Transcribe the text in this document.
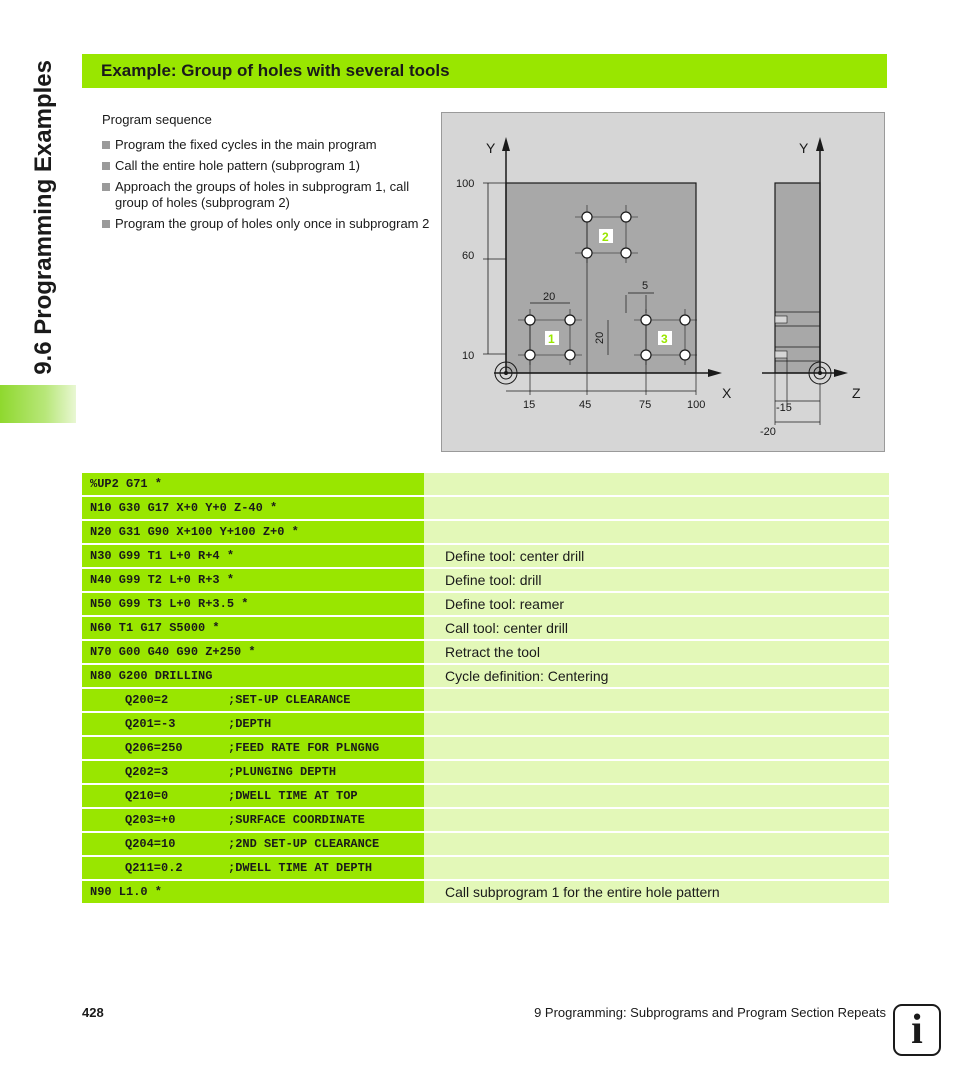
9.6 Programming Examples	Example: Group of holes with several tools
Program sequence
Program the fixed cycles in the main program
Call the entire hole pattern (subprogram 1)
Approach the groups of holes in subprogram 1, call group of holes (subprogram 2)
Program the group of holes only once in subprogram 2
Y
X
100
60
10
15	45	75	100
1
2
3
20
20
5
Y
Z
-15
-20
%UP2 G71 *
N10 G30 G17 X+0 Y+0 Z-40 *
N20 G31 G90 X+100 Y+100 Z+0 *
N30 G99 T1 L+0 R+4 *	Define tool: center drill
N40 G99 T2 L+0 R+3 *	Define tool: drill
N50 G99 T3 L+0 R+3.5 *	Define tool: reamer
N60 T1 G17 S5000 *	Call tool: center drill
N70 G00 G40 G90 Z+250 *	Retract the tool
N80 G200 DRILLING	Cycle definition: Centering
Q200=2	;SET-UP CLEARANCE
Q201=-3	;DEPTH
Q206=250	;FEED RATE FOR PLNGNG
Q202=3	;PLUNGING DEPTH
Q210=0	;DWELL TIME AT TOP
Q203=+0	;SURFACE COORDINATE
Q204=10	;2ND SET-UP CLEARANCE
Q211=0.2	;DWELL TIME AT DEPTH
N90 L1.0 *	Call subprogram 1 for the entire hole pattern
428	9 Programming: Subprograms and Program Section Repeats i
